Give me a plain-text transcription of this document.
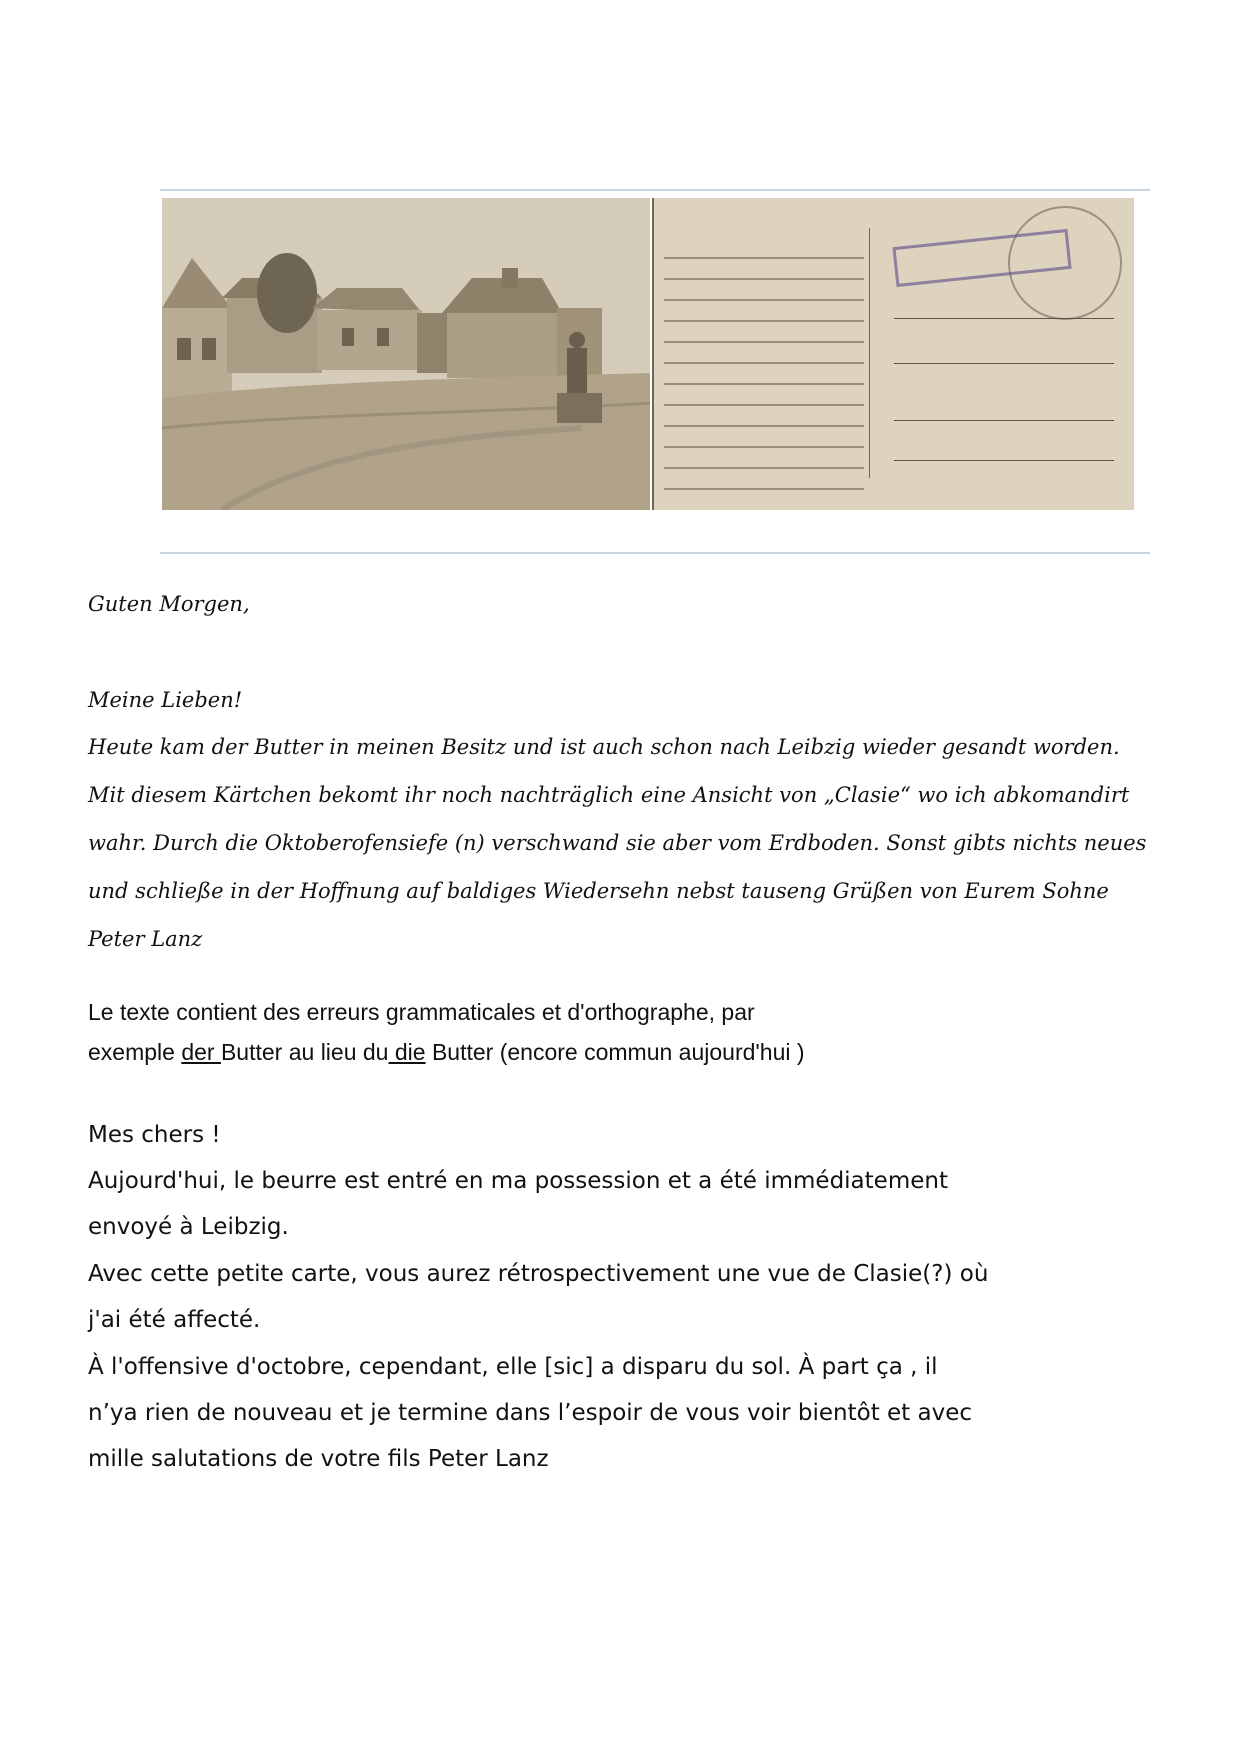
Guten Morgen,
Meine Lieben!
Heute kam der Butter in meinen Besitz und ist auch schon nach Leibzig wieder gesandt worden.
Mit diesem Kärtchen bekomt ihr noch nachträglich eine Ansicht von „Clasie“ wo ich abkomandirt
wahr. Durch die Oktoberofensiefe (n) verschwand sie aber vom Erdboden. Sonst gibts nichts neues
und schließe in der Hoffnung auf baldiges Wiedersehn nebst tauseng Grüßen von Eurem Sohne
Peter Lanz
Le texte contient des erreurs grammaticales et d'orthographe, par
exemple der Butter au lieu du die Butter (encore commun aujourd'hui )
Mes chers !
Aujourd'hui, le beurre est entré en ma possession et a été immédiatement
envoyé à Leibzig.
Avec cette petite carte, vous aurez rétrospectivement une vue de Clasie(?) où
j'ai été affecté.
À l'offensive d'octobre, cependant, elle [sic] a disparu du sol. À part ça , il
n’ya rien de nouveau et je termine dans l’espoir de vous voir bientôt et avec
mille salutations de votre fils Peter Lanz
